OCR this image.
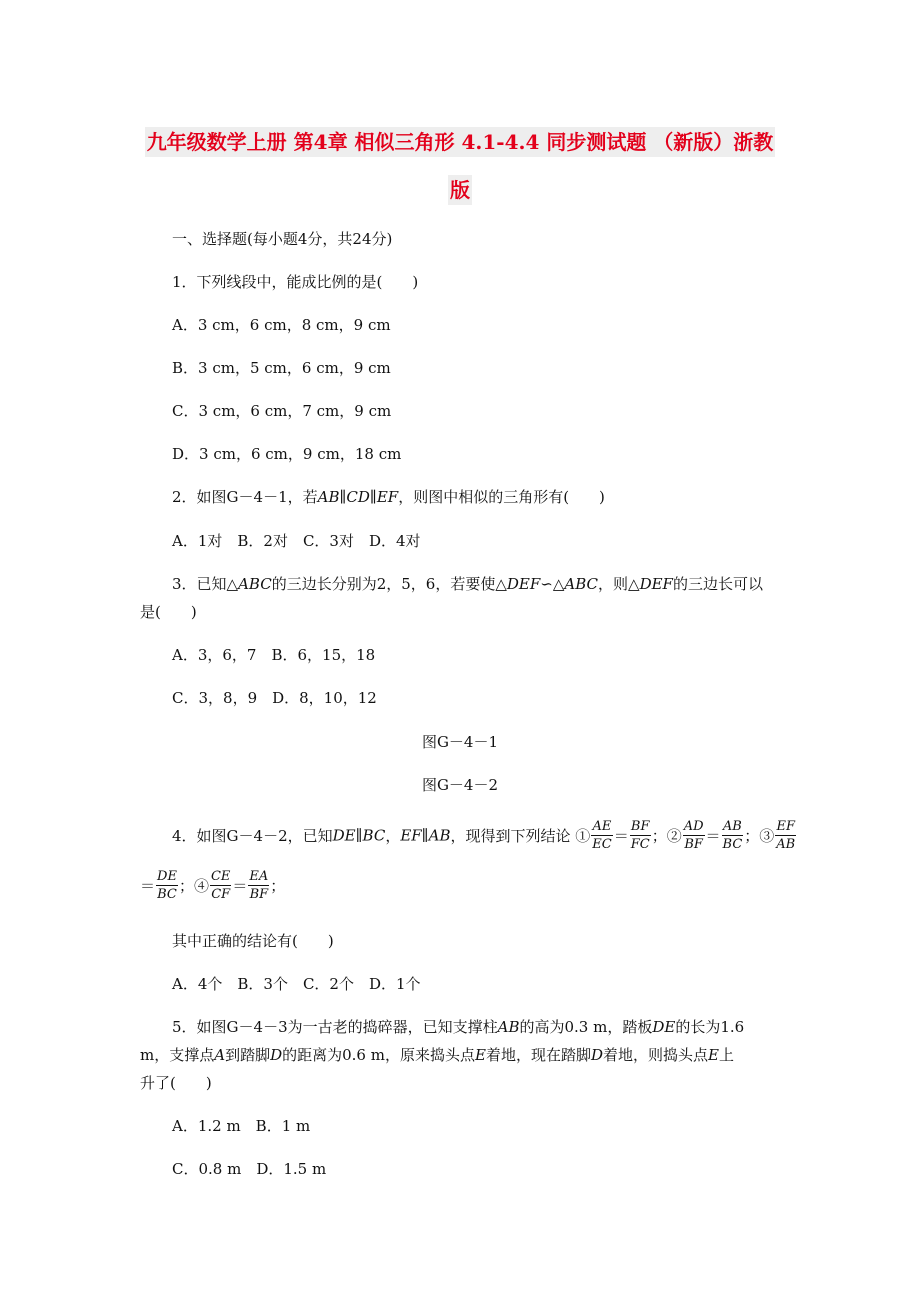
九年级数学上册 第4章 相似三角形 4.1-4.4 同步测试题 （新版）浙教
版
一、选择题(每小题4分，共24分)
1．下列线段中，能成比例的是(　　)
A．3 cm，6 cm，8 cm，9 cm
B．3 cm，5 cm，6 cm，9 cm
C．3 cm，6 cm，7 cm，9 cm
D．3 cm，6 cm，9 cm，18 cm
2．如图G－4－1，若AB∥CD∥EF，则图中相似的三角形有(　　)
A．1对　B．2对　C．3对　D．4对
3．已知△ABC的三边长分别为2，5，6，若要使△DEF∽△ABC，则△DEF的三边长可以
是(　　)
A．3，6，7　B．6，15，18
C．3，8，9　D．8，10，12
图G－4－1
图G－4－2
4．如图G－4－2，已知DE∥BC，EF∥AB，现得到下列结论 ① $\frac{AE}{EC} = \frac{BF}{FC}$ ；② $\frac{AD}{BF} = \frac{AB}{BC}$ ；③ $\frac{EF}{AB}$
＝ $\frac{DE}{BC}$ ；④ $\frac{CE}{CF} = \frac{EA}{BF}$ ；
其中正确的结论有(　　)
A．4个　B．3个　C．2个　D．1个
5．如图G－4－3为一古老的捣碎器，已知支撑柱AB的高为0.3 m，踏板DE的长为1.6
m，支撑点A到踏脚D的距离为0.6 m，原来捣头点E着地，现在踏脚D着地，则捣头点E上
升了(　　)
A．1.2 m　B．1 m
C．0.8 m　D．1.5 m
